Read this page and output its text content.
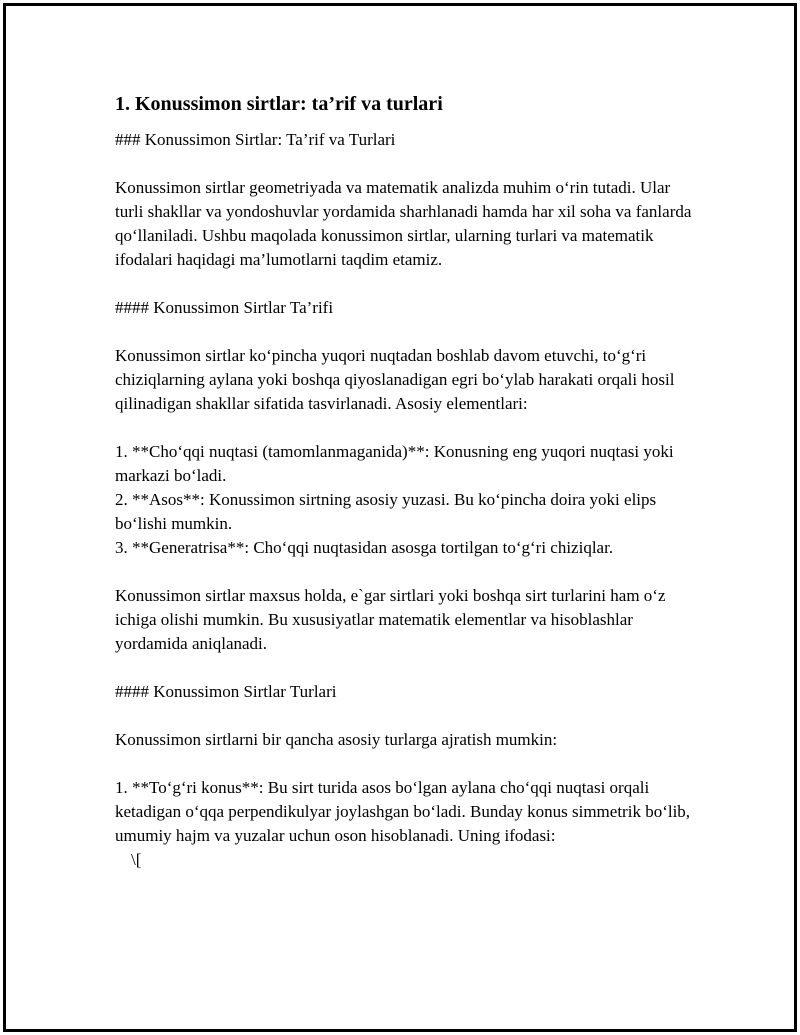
1. Konussimon sirtlar: ta’rif va turlari

### Konussimon Sirtlar: Ta’rif va Turlari

Konussimon sirtlar geometriyada va matematik analizda muhim o‘rin tutadi. Ular turli shakllar va yondoshuvlar yordamida sharhlanadi hamda har xil soha va fanlarda qo‘llaniladi. Ushbu maqolada konussimon sirtlar, ularning turlari va matematik ifodalari haqidagi ma’lumotlarni taqdim etamiz.

#### Konussimon Sirtlar Ta’rifi

Konussimon sirtlar ko‘pincha yuqori nuqtadan boshlab davom etuvchi, to‘g‘ri chiziqlarning aylana yoki boshqa qiyoslanadigan egri bo‘ylab harakati orqali hosil qilinadigan shakllar sifatida tasvirlanadi. Asosiy elementlari:

1. **Cho‘qqi nuqtasi (tamomlanmaganida)**: Konusning eng yuqori nuqtasi yoki markazi bo‘ladi.
2. **Asos**: Konussimon sirtning asosiy yuzasi. Bu ko‘pincha doira yoki elips bo‘lishi mumkin.
3. **Generatrisa**: Cho‘qqi nuqtasidan asosga tortilgan to‘g‘ri chiziqlar.

Konussimon sirtlar maxsus holda, e`gar sirtlari yoki boshqa sirt turlarini ham o‘z ichiga olishi mumkin. Bu xususiyatlar matematik elementlar va hisoblashlar yordamida aniqlanadi.

#### Konussimon Sirtlar Turlari

Konussimon sirtlarni bir qancha asosiy turlarga ajratish mumkin:

1. **To‘g‘ri konus**: Bu sirt turida asos bo‘lgan aylana cho‘qqi nuqtasi orqali ketadigan o‘qqa perpendikulyar joylashgan bo‘ladi. Bunday konus simmetrik bo‘lib, umumiy hajm va yuzalar uchun oson hisoblanadi. Uning ifodasi:
\[
